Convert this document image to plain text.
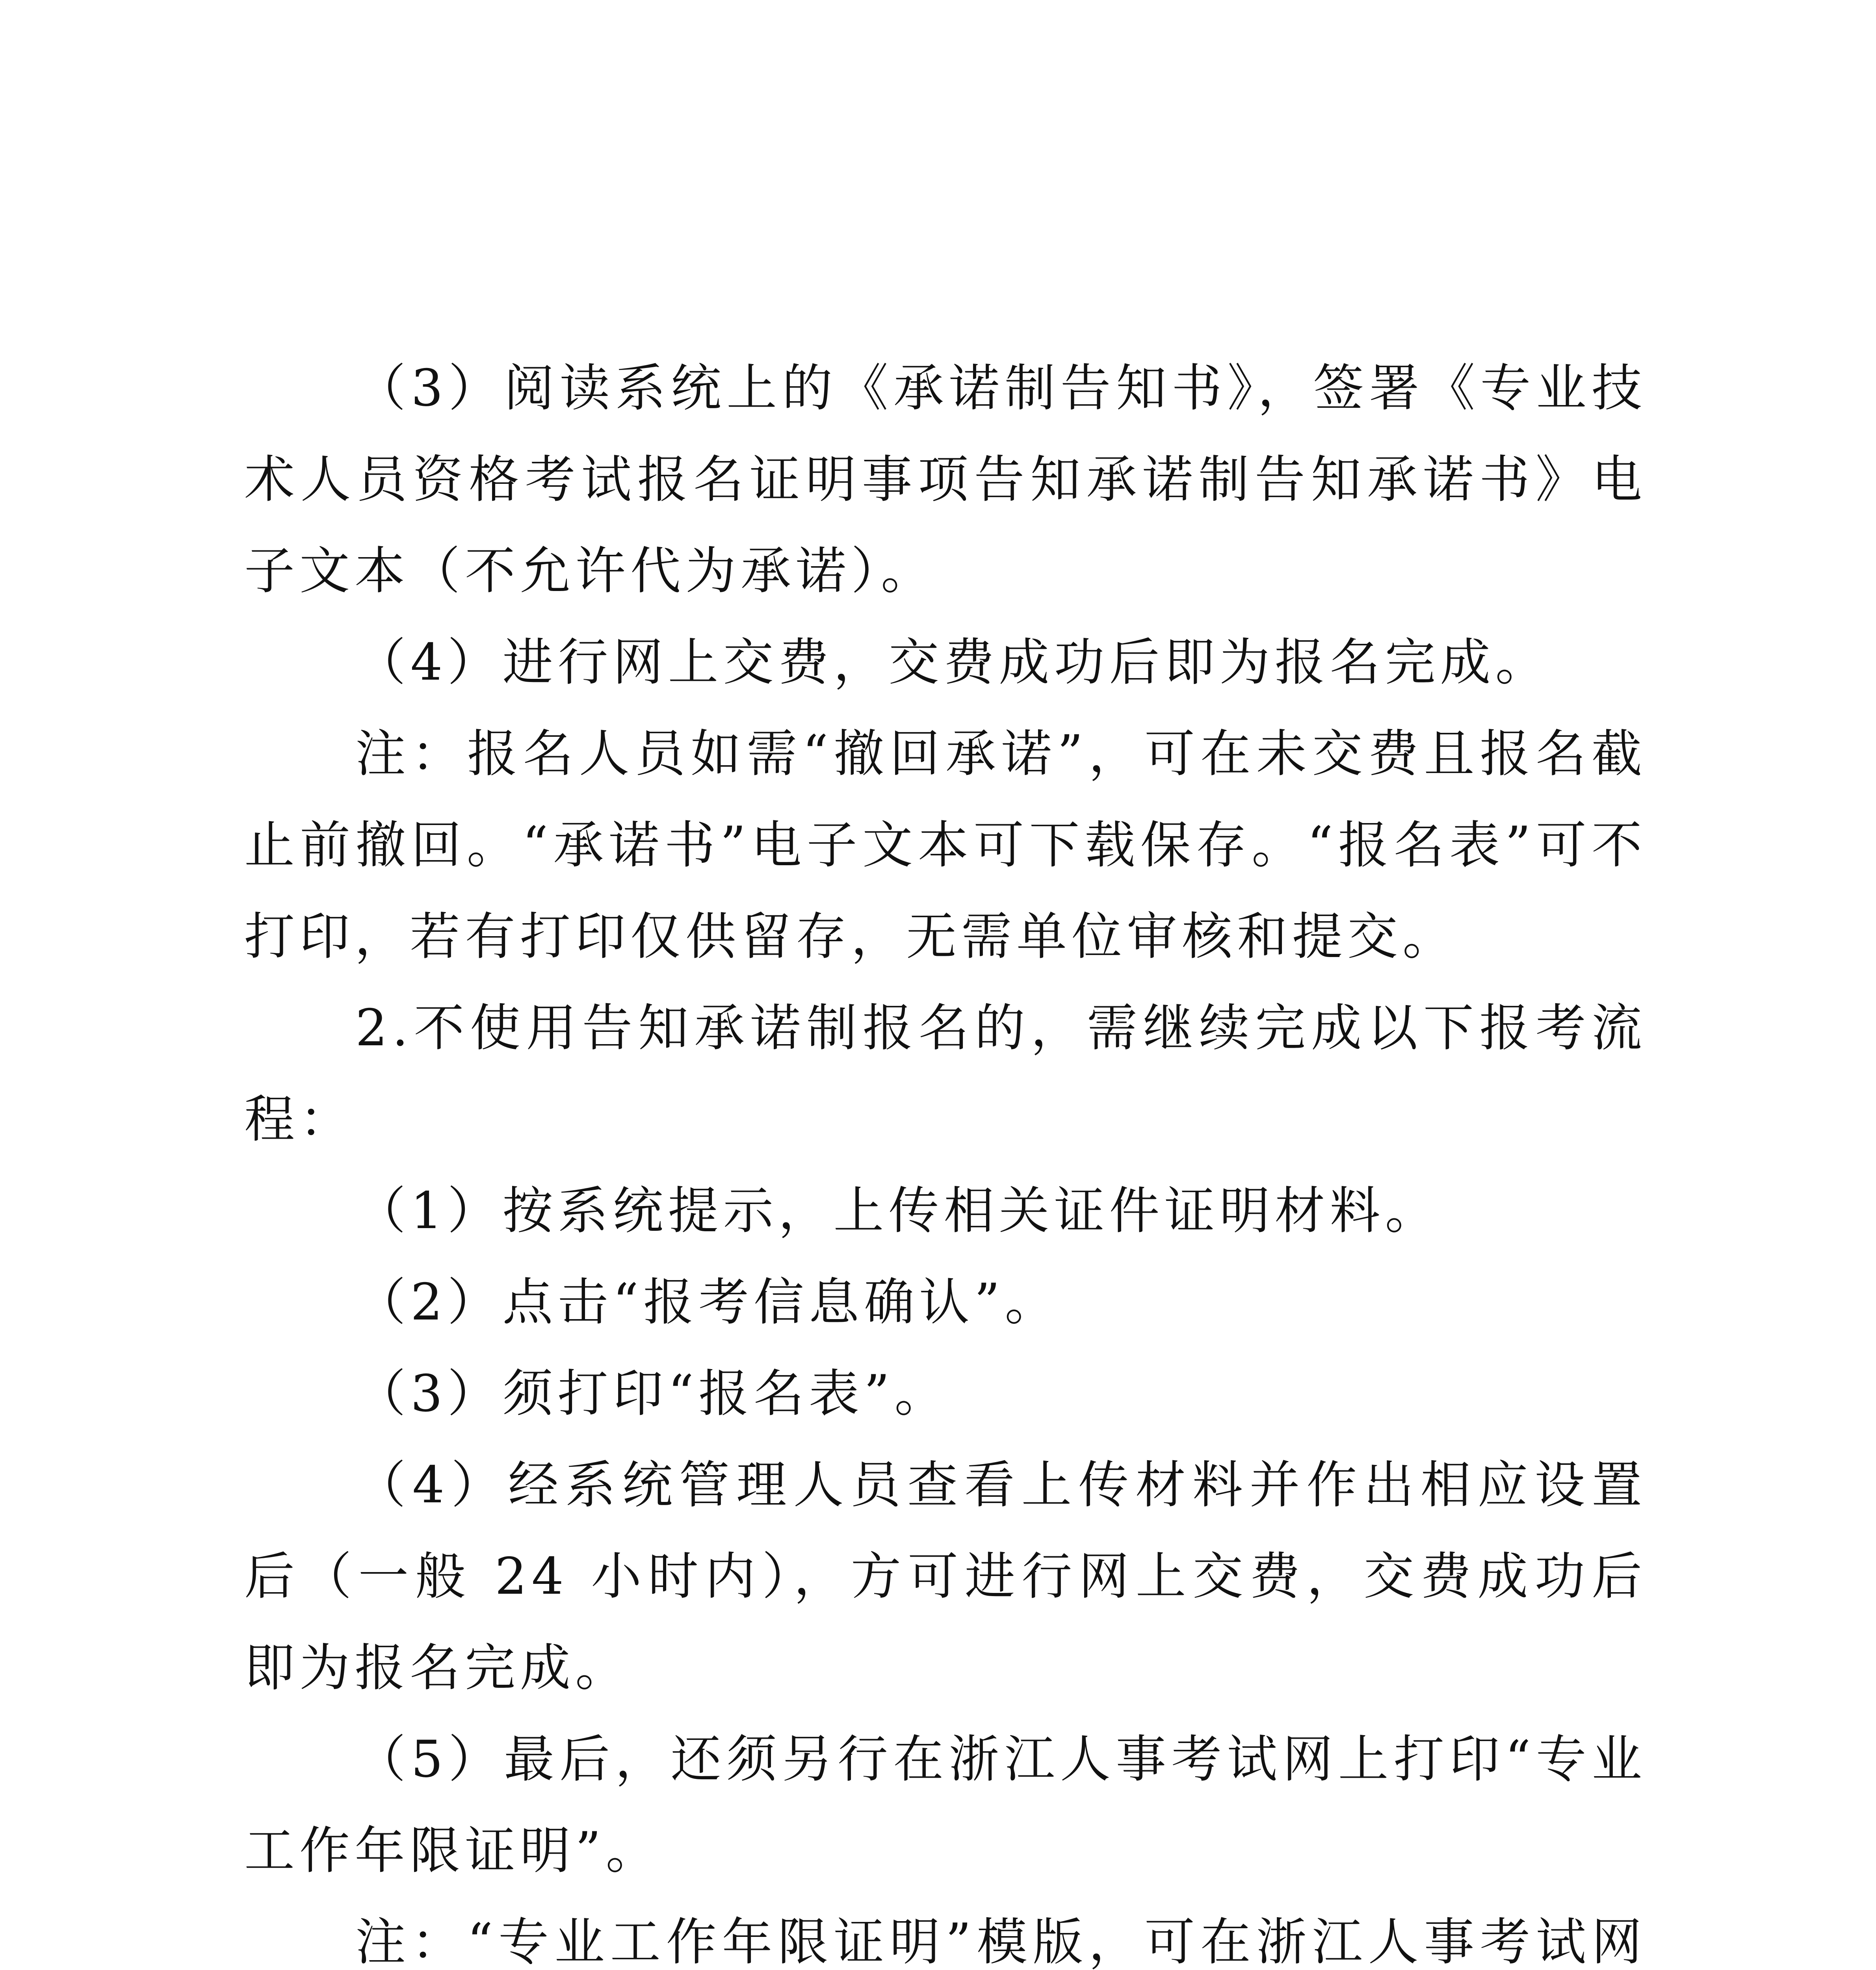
（3）阅读系统上的《承诺制告知书》，签署《专业技术人员资格考试报名证明事项告知承诺制告知承诺书》电子文本（不允许代为承诺）。

（4）进行网上交费，交费成功后即为报名完成。

注：报名人员如需“撤回承诺”，可在未交费且报名截止前撤回。“承诺书”电子文本可下载保存。“报名表”可不打印，若有打印仅供留存，无需单位审核和提交。

2.不使用告知承诺制报名的，需继续完成以下报考流程：

（1）按系统提示，上传相关证件证明材料。

（2）点击“报考信息确认”。

（3）须打印“报名表”。

（4）经系统管理人员查看上传材料并作出相应设置后（一般 24 小时内），方可进行网上交费，交费成功后即为报名完成。

（5）最后，还须另行在浙江人事考试网上打印“专业工作年限证明”。

注：“专业工作年限证明”模版，可在浙江人事考试网
